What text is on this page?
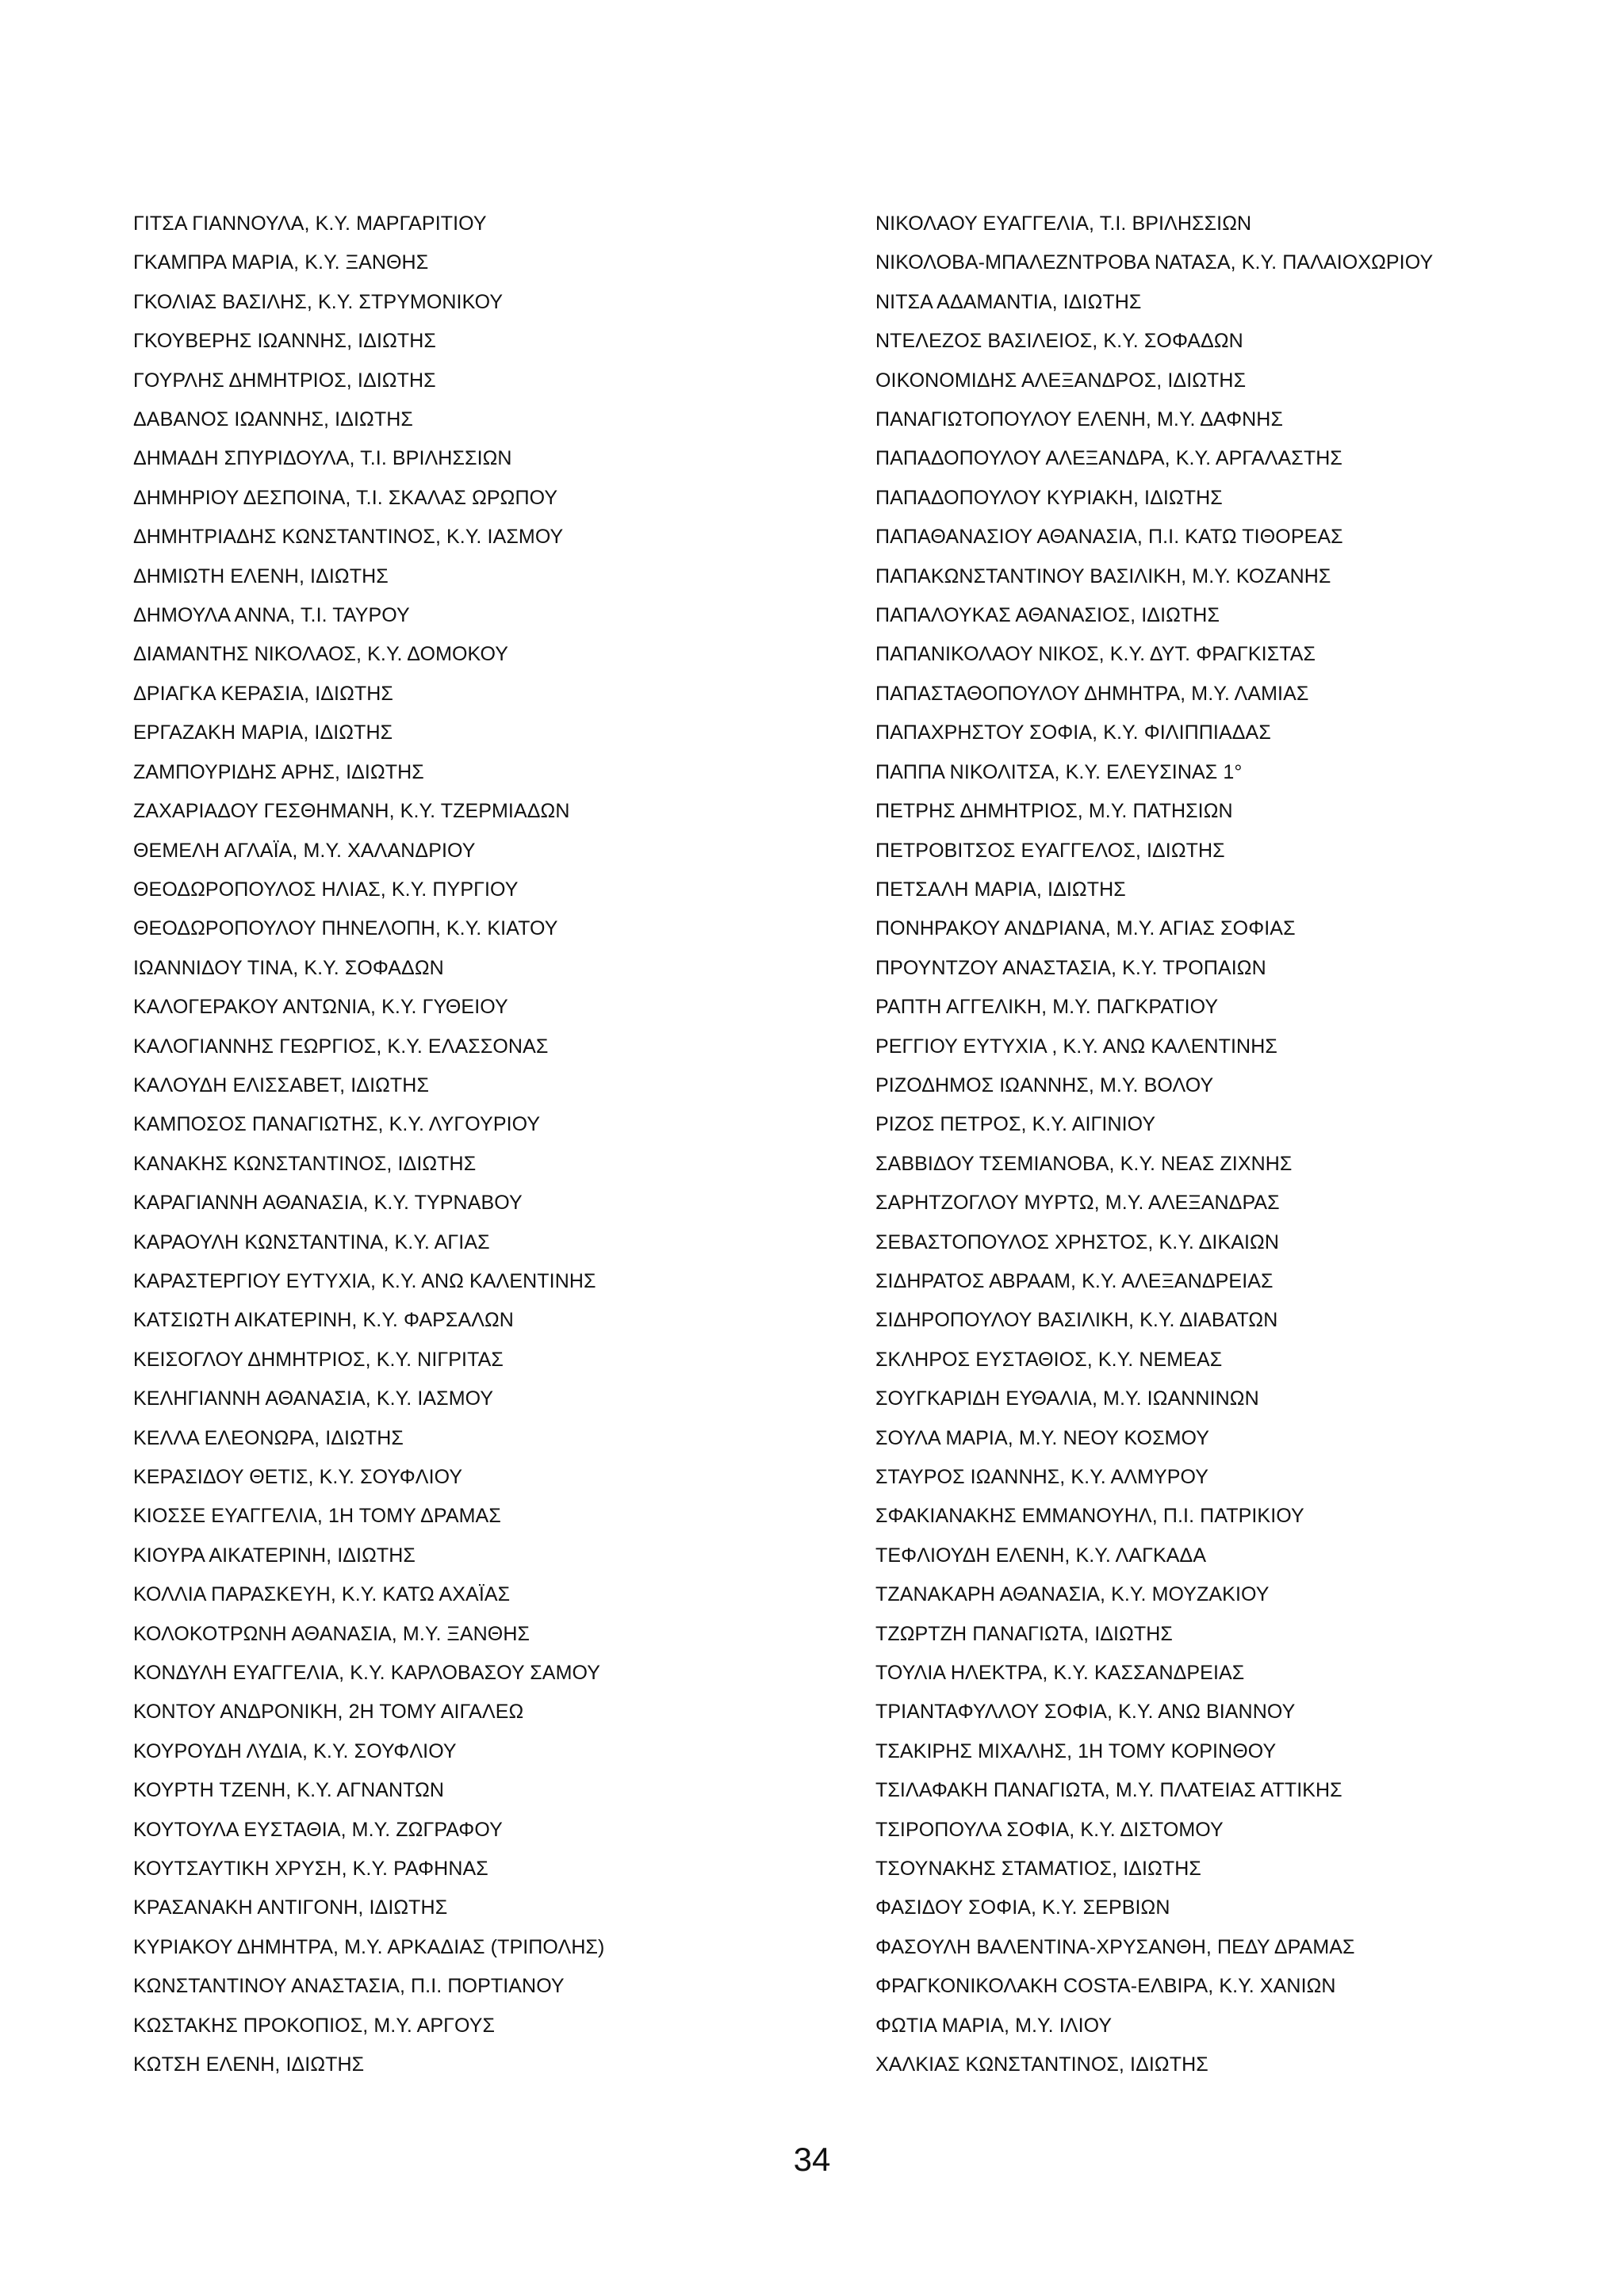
ΓΙΤΣΑ ΓΙΑΝΝΟΥΛΑ, Κ.Υ. ΜΑΡΓΑΡΙΤΙΟΥ
ΓΚΑΜΠΡΑ ΜΑΡΙΑ, Κ.Υ. ΞΑΝΘΗΣ
ΓΚΟΛΙΑΣ ΒΑΣΙΛΗΣ, Κ.Υ. ΣΤΡΥΜΟΝΙΚΟΥ
ΓΚΟΥΒΕΡΗΣ ΙΩΑΝΝΗΣ, ΙΔΙΩΤΗΣ
ΓΟΥΡΛΗΣ ΔΗΜΗΤΡΙΟΣ, ΙΔΙΩΤΗΣ
ΔΑΒΑΝΟΣ ΙΩΑΝΝΗΣ, ΙΔΙΩΤΗΣ
ΔΗΜΑΔΗ ΣΠΥΡΙΔΟΥΛΑ, Τ.Ι. ΒΡΙΛΗΣΣΙΩΝ
ΔΗΜΗΡΙΟΥ ΔΕΣΠΟΙΝΑ, Τ.Ι. ΣΚΑΛΑΣ ΩΡΩΠΟΥ
ΔΗΜΗΤΡΙΑΔΗΣ ΚΩΝΣΤΑΝΤΙΝΟΣ, Κ.Υ. ΙΑΣΜΟΥ
ΔΗΜΙΩΤΗ ΕΛΕΝΗ, ΙΔΙΩΤΗΣ
ΔΗΜΟΥΛΑ ΑΝΝΑ, Τ.Ι. ΤΑΥΡΟΥ
ΔΙΑΜΑΝΤΗΣ ΝΙΚΟΛΑΟΣ, Κ.Υ. ΔΟΜΟΚΟΥ
ΔΡΙΑΓΚΑ ΚΕΡΑΣΙΑ, ΙΔΙΩΤΗΣ
ΕΡΓΑΖΑΚΗ ΜΑΡΙΑ, ΙΔΙΩΤΗΣ
ΖΑΜΠΟΥΡΙΔΗΣ ΑΡΗΣ, ΙΔΙΩΤΗΣ
ΖΑΧΑΡΙΑΔΟΥ ΓΕΣΘΗΜΑΝΗ, Κ.Υ. ΤΖΕΡΜΙΑΔΩΝ
ΘΕΜΕΛΗ ΑΓΛΑΪΑ, Μ.Υ. ΧΑΛΑΝΔΡΙΟΥ
ΘΕΟΔΩΡΟΠΟΥΛΟΣ ΗΛΙΑΣ, Κ.Υ. ΠΥΡΓΙΟΥ
ΘΕΟΔΩΡΟΠΟΥΛΟΥ ΠΗΝΕΛΟΠΗ, Κ.Υ. ΚΙΑΤΟΥ
ΙΩΑΝΝΙΔΟΥ ΤΙΝΑ, Κ.Υ. ΣΟΦΑΔΩΝ
ΚΑΛΟΓΕΡΑΚΟΥ ΑΝΤΩΝΙΑ, Κ.Υ. ΓΥΘΕΙΟΥ
ΚΑΛΟΓΙΑΝΝΗΣ ΓΕΩΡΓΙΟΣ, Κ.Υ. ΕΛΑΣΣΟΝΑΣ
ΚΑΛΟΥΔΗ ΕΛΙΣΣΑΒΕΤ, ΙΔΙΩΤΗΣ
ΚΑΜΠΟΣΟΣ ΠΑΝΑΓΙΩΤΗΣ, Κ.Υ. ΛΥΓΟΥΡΙΟΥ
ΚΑΝΑΚΗΣ ΚΩΝΣΤΑΝΤΙΝΟΣ, ΙΔΙΩΤΗΣ
ΚΑΡΑΓΙΑΝΝΗ ΑΘΑΝΑΣΙΑ, Κ.Υ. ΤΥΡΝΑΒΟΥ
ΚΑΡΑΟΥΛΗ ΚΩΝΣΤΑΝΤΙΝΑ, Κ.Υ. ΑΓΙΑΣ
ΚΑΡΑΣΤΕΡΓΙΟΥ ΕΥΤΥΧΙΑ, Κ.Υ. ΑΝΩ ΚΑΛΕΝΤΙΝΗΣ
ΚΑΤΣΙΩΤΗ ΑΙΚΑΤΕΡΙΝΗ, Κ.Υ. ΦΑΡΣΑΛΩΝ
ΚΕΙΣΟΓΛΟΥ ΔΗΜΗΤΡΙΟΣ, Κ.Υ. ΝΙΓΡΙΤΑΣ
ΚΕΛΗΓΙΑΝΝΗ ΑΘΑΝΑΣΙΑ, Κ.Υ. ΙΑΣΜΟΥ
ΚΕΛΛΑ ΕΛΕΟΝΩΡΑ, ΙΔΙΩΤΗΣ
ΚΕΡΑΣΙΔΟΥ ΘΕΤΙΣ, Κ.Υ. ΣΟΥΦΛΙΟΥ
ΚΙΟΣΣΕ ΕΥΑΓΓΕΛΙΑ, 1Η ΤΟΜΥ ΔΡΑΜΑΣ
ΚΙΟΥΡΑ ΑΙΚΑΤΕΡΙΝΗ, ΙΔΙΩΤΗΣ
ΚΟΛΛΙΑ ΠΑΡΑΣΚΕΥΗ, Κ.Υ. ΚΑΤΩ ΑΧΑΪΑΣ
ΚΟΛΟΚΟΤΡΩΝΗ ΑΘΑΝΑΣΙΑ, Μ.Υ. ΞΑΝΘΗΣ
ΚΟΝΔΥΛΗ ΕΥΑΓΓΕΛΙΑ, Κ.Υ. ΚΑΡΛΟΒΑΣΟΥ ΣΑΜΟΥ
ΚΟΝΤΟΥ ΑΝΔΡΟΝΙΚΗ, 2Η ΤΟΜΥ ΑΙΓΑΛΕΩ
ΚΟΥΡΟΥΔΗ ΛΥΔΙΑ, Κ.Υ. ΣΟΥΦΛΙΟΥ
ΚΟΥΡΤΗ ΤΖΕΝΗ, Κ.Υ. ΑΓΝΑΝΤΩΝ
ΚΟΥΤΟΥΛΑ ΕΥΣΤΑΘΙΑ, Μ.Υ. ΖΩΓΡΑΦΟΥ
ΚΟΥΤΣΑΥΤΙΚΗ ΧΡΥΣΗ, Κ.Υ. ΡΑΦΗΝΑΣ
ΚΡΑΣΑΝΑΚΗ ΑΝΤΙΓΟΝΗ, ΙΔΙΩΤΗΣ
ΚΥΡΙΑΚΟΥ ΔΗΜΗΤΡΑ, Μ.Υ. ΑΡΚΑΔΙΑΣ (ΤΡΙΠΟΛΗΣ)
ΚΩΝΣΤΑΝΤΙΝΟΥ ΑΝΑΣΤΑΣΙΑ, Π.Ι. ΠΟΡΤΙΑΝΟΥ
ΚΩΣΤΑΚΗΣ ΠΡΟΚΟΠΙΟΣ, Μ.Υ. ΑΡΓΟΥΣ
ΚΩΤΣΗ ΕΛΕΝΗ, ΙΔΙΩΤΗΣ
ΝΙΚΟΛΑΟΥ ΕΥΑΓΓΕΛΙΑ, Τ.Ι. ΒΡΙΛΗΣΣΙΩΝ
ΝΙΚΟΛΟΒΑ-ΜΠΑΛΕΖΝΤΡΟΒΑ ΝΑΤΑΣΑ, Κ.Υ. ΠΑΛΑΙΟΧΩΡΙΟΥ
ΝΙΤΣΑ ΑΔΑΜΑΝΤΙΑ, ΙΔΙΩΤΗΣ
ΝΤΕΛΕΖΟΣ ΒΑΣΙΛΕΙΟΣ, Κ.Υ. ΣΟΦΑΔΩΝ
ΟΙΚΟΝΟΜΙΔΗΣ ΑΛΕΞΑΝΔΡΟΣ, ΙΔΙΩΤΗΣ
ΠΑΝΑΓΙΩΤΟΠΟΥΛΟΥ ΕΛΕΝΗ, Μ.Υ. ΔΑΦΝΗΣ
ΠΑΠΑΔΟΠΟΥΛΟΥ ΑΛΕΞΑΝΔΡΑ, Κ.Υ. ΑΡΓΑΛΑΣΤΗΣ
ΠΑΠΑΔΟΠΟΥΛΟΥ ΚΥΡΙΑΚΗ, ΙΔΙΩΤΗΣ
ΠΑΠΑΘΑΝΑΣΙΟΥ ΑΘΑΝΑΣΙΑ, Π.Ι. ΚΑΤΩ ΤΙΘΟΡΕΑΣ
ΠΑΠΑΚΩΝΣΤΑΝΤΙΝΟΥ ΒΑΣΙΛΙΚΗ, Μ.Υ. ΚΟΖΑΝΗΣ
ΠΑΠΑΛΟΥΚΑΣ ΑΘΑΝΑΣΙΟΣ, ΙΔΙΩΤΗΣ
ΠΑΠΑΝΙΚΟΛΑΟΥ ΝΙΚΟΣ, Κ.Υ. ΔΥΤ. ΦΡΑΓΚΙΣΤΑΣ
ΠΑΠΑΣΤΑΘΟΠΟΥΛΟΥ ΔΗΜΗΤΡΑ, Μ.Υ. ΛΑΜΙΑΣ
ΠΑΠΑΧΡΗΣΤΟΥ ΣΟΦΙΑ, Κ.Υ. ΦΙΛΙΠΠΙΑΔΑΣ
ΠΑΠΠΑ ΝΙΚΟΛΙΤΣΑ, Κ.Υ. ΕΛΕΥΣΙΝΑΣ 1°
ΠΕΤΡΗΣ ΔΗΜΗΤΡΙΟΣ, Μ.Υ. ΠΑΤΗΣΙΩΝ
ΠΕΤΡΟΒΙΤΣΟΣ ΕΥΑΓΓΕΛΟΣ, ΙΔΙΩΤΗΣ
ΠΕΤΣΑΛΗ ΜΑΡΙΑ, ΙΔΙΩΤΗΣ
ΠΟΝΗΡΑΚΟΥ ΑΝΔΡΙΑΝΑ, Μ.Υ. ΑΓΙΑΣ ΣΟΦΙΑΣ
ΠΡΟΥΝΤΖΟΥ ΑΝΑΣΤΑΣΙΑ, Κ.Υ. ΤΡΟΠΑΙΩΝ
ΡΑΠΤΗ ΑΓΓΕΛΙΚΗ, Μ.Υ. ΠΑΓΚΡΑΤΙΟΥ
ΡΕΓΓΙΟΥ ΕΥΤΥΧΙΑ , Κ.Υ. ΑΝΩ ΚΑΛΕΝΤΙΝΗΣ
ΡΙΖΟΔΗΜΟΣ ΙΩΑΝΝΗΣ, Μ.Υ. ΒΟΛΟΥ
ΡΙΖΟΣ ΠΕΤΡΟΣ, Κ.Υ. ΑΙΓΙΝΙΟΥ
ΣΑΒΒΙΔΟΥ ΤΣΕΜΙΑΝΟΒΑ, Κ.Υ. ΝΕΑΣ ΖΙΧΝΗΣ
ΣΑΡΗΤΖΟΓΛΟΥ ΜΥΡΤΩ, Μ.Υ. ΑΛΕΞΑΝΔΡΑΣ
ΣΕΒΑΣΤΟΠΟΥΛΟΣ ΧΡΗΣΤΟΣ, Κ.Υ. ΔΙΚΑΙΩΝ
ΣΙΔΗΡΑΤΟΣ ΑΒΡΑΑΜ, Κ.Υ. ΑΛΕΞΑΝΔΡΕΙΑΣ
ΣΙΔΗΡΟΠΟΥΛΟΥ ΒΑΣΙΛΙΚΗ, Κ.Υ. ΔΙΑΒΑΤΩΝ
ΣΚΛΗΡΟΣ ΕΥΣΤΑΘΙΟΣ, Κ.Υ. ΝΕΜΕΑΣ
ΣΟΥΓΚΑΡΙΔΗ ΕΥΘΑΛΙΑ, Μ.Υ. ΙΩΑΝΝΙΝΩΝ
ΣΟΥΛΑ ΜΑΡΙΑ, Μ.Υ. ΝΕΟΥ ΚΟΣΜΟΥ
ΣΤΑΥΡΟΣ ΙΩΑΝΝΗΣ, Κ.Υ. ΑΛΜΥΡΟΥ
ΣΦΑΚΙΑΝΑΚΗΣ ΕΜΜΑΝΟΥΗΛ, Π.Ι. ΠΑΤΡΙΚΙΟΥ
ΤΕΦΛΙΟΥΔΗ ΕΛΕΝΗ, Κ.Υ. ΛΑΓΚΑΔΑ
ΤΖΑΝΑΚΑΡΗ ΑΘΑΝΑΣΙΑ, Κ.Υ. ΜΟΥΖΑΚΙΟΥ
ΤΖΩΡΤΖΗ ΠΑΝΑΓΙΩΤΑ, ΙΔΙΩΤΗΣ
ΤΟΥΛΙΑ ΗΛΕΚΤΡΑ, Κ.Υ. ΚΑΣΣΑΝΔΡΕΙΑΣ
ΤΡΙΑΝΤΑΦΥΛΛΟΥ ΣΟΦΙΑ, Κ.Υ. ΑΝΩ ΒΙΑΝΝΟΥ
ΤΣΑΚΙΡΗΣ ΜΙΧΑΛΗΣ, 1Η ΤΟΜΥ ΚΟΡΙΝΘΟΥ
ΤΣΙΛΑΦΑΚΗ ΠΑΝΑΓΙΩΤΑ, Μ.Υ. ΠΛΑΤΕΙΑΣ ΑΤΤΙΚΗΣ
ΤΣΙΡΟΠΟΥΛΑ ΣΟΦΙΑ, Κ.Υ. ΔΙΣΤΟΜΟΥ
ΤΣΟΥΝΑΚΗΣ ΣΤΑΜΑΤΙΟΣ, ΙΔΙΩΤΗΣ
ΦΑΣΙΔΟΥ ΣΟΦΙΑ, Κ.Υ. ΣΕΡΒΙΩΝ
ΦΑΣΟΥΛΗ ΒΑΛΕΝΤΙΝΑ-ΧΡΥΣΑΝΘΗ, ΠΕΔΥ ΔΡΑΜΑΣ
ΦΡΑΓΚΟΝΙΚΟΛΑΚΗ COSTA-ΕΛΒΙΡΑ, Κ.Υ. ΧΑΝΙΩΝ
ΦΩΤΙΑ ΜΑΡΙΑ, Μ.Υ. ΙΛΙΟΥ
ΧΑΛΚΙΑΣ ΚΩΝΣΤΑΝΤΙΝΟΣ, ΙΔΙΩΤΗΣ
34
